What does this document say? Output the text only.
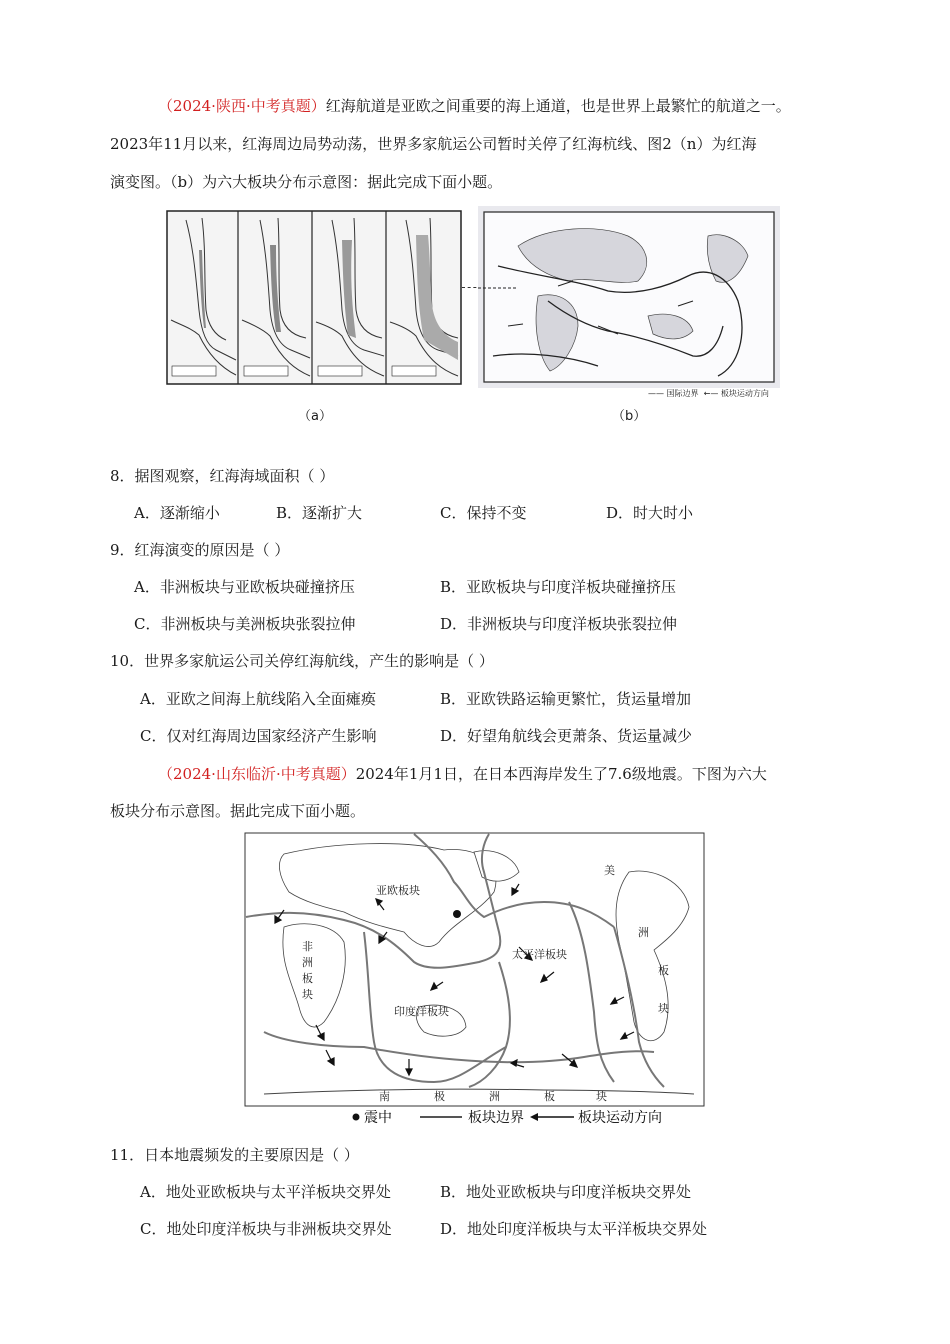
（2024·陕西·中考真题）红海航道是亚欧之间重要的海上通道，也是世界上最繁忙的航道之一。
2023年11月以来，红海周边局势动荡，世界多家航运公司暂时关停了红海杭线、图2（n）为红海
演变图。（b）为六大板块分布示意图：据此完成下面小题。
（a）	（b）
—— 国际边界 ←— 板块运动方向
8．据图观察，红海海域面积（ ）
A．逐渐缩小	B．逐渐扩大	C．保持不变	D．时大时小
9．红海演变的原因是（ ）
A．非洲板块与亚欧板块碰撞挤压	B．亚欧板块与印度洋板块碰撞挤压
C．非洲板块与美洲板块张裂拉伸	D．非洲板块与印度洋板块张裂拉伸
10．世界多家航运公司关停红海航线，产生的影响是（ ）
A．亚欧之间海上航线陷入全面瘫痪	B．亚欧铁路运输更繁忙，货运量增加
C．仅对红海周边国家经济产生影响	D．好望角航线会更萧条、货运量减少
（2024·山东临沂·中考真题）2024年1月1日，在日本西海岸发生了7.6级地震。下图为六大
板块分布示意图。据此完成下面小题。
亚欧板块
非
洲
板
块
太平洋板块
美
洲
板
块
印度洋板块
南	极	洲	板	块
震中	板块边界	板块运动方向
11．日本地震频发的主要原因是（ ）
A．地处亚欧板块与太平洋板块交界处	B．地处亚欧板块与印度洋板块交界处
C．地处印度洋板块与非洲板块交界处	D．地处印度洋板块与太平洋板块交界处
